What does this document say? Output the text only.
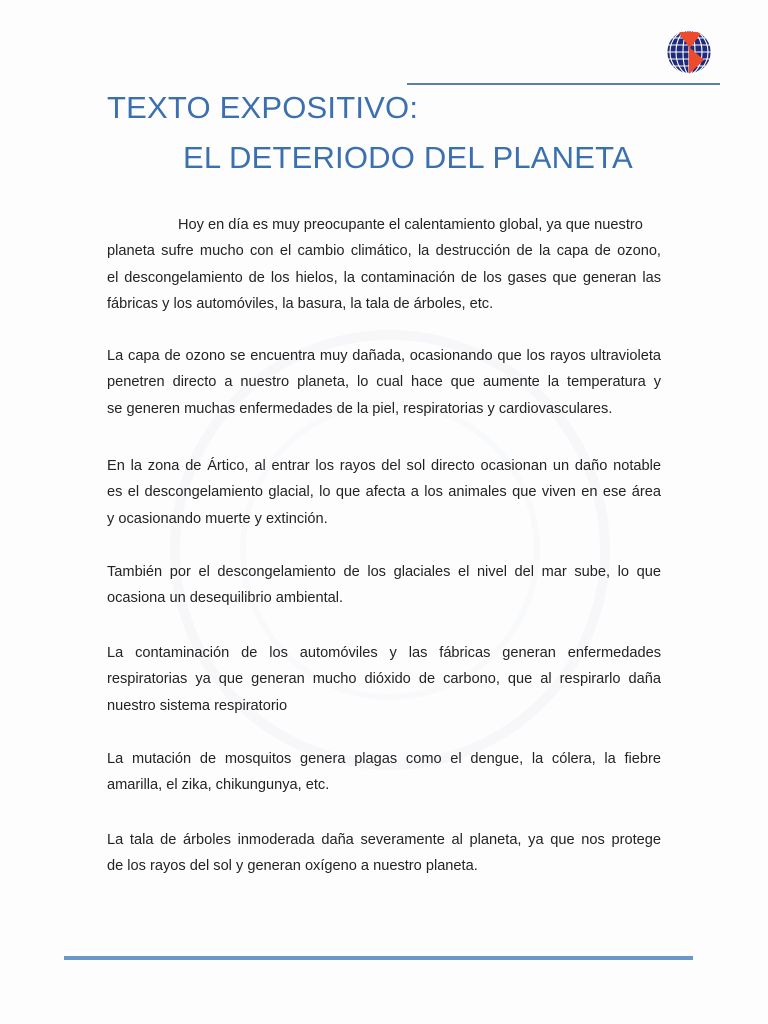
TEXTO EXPOSITIVO:
EL DETERIODO DEL PLANETA
Hoy en día es muy preocupante el calentamiento global, ya que nuestro
planeta sufre mucho con el cambio climático, la destrucción de la capa de ozono,
el descongelamiento de los hielos, la contaminación de los gases que generan las
fábricas y los automóviles, la basura, la tala de árboles, etc.
La capa de ozono se encuentra muy dañada, ocasionando que los rayos ultravioleta
penetren directo a nuestro planeta, lo cual hace que aumente la temperatura y
se generen muchas enfermedades de la piel, respiratorias y cardiovasculares.
En la zona de Ártico, al entrar los rayos del sol directo ocasionan un daño notable
es el descongelamiento glacial, lo que afecta a los animales que viven en ese área
y ocasionando muerte y extinción.
También por el descongelamiento de los glaciales el nivel del mar sube, lo que
ocasiona un desequilibrio ambiental.
La contaminación de los automóviles y las fábricas generan enfermedades
respiratorias ya que generan mucho dióxido de carbono, que al respirarlo daña
nuestro sistema respiratorio
La mutación de mosquitos genera plagas como el dengue, la cólera, la fiebre
amarilla, el zika, chikungunya, etc.
La tala de árboles inmoderada daña severamente al planeta, ya que nos protege
de los rayos del sol y generan oxígeno a nuestro planeta.
